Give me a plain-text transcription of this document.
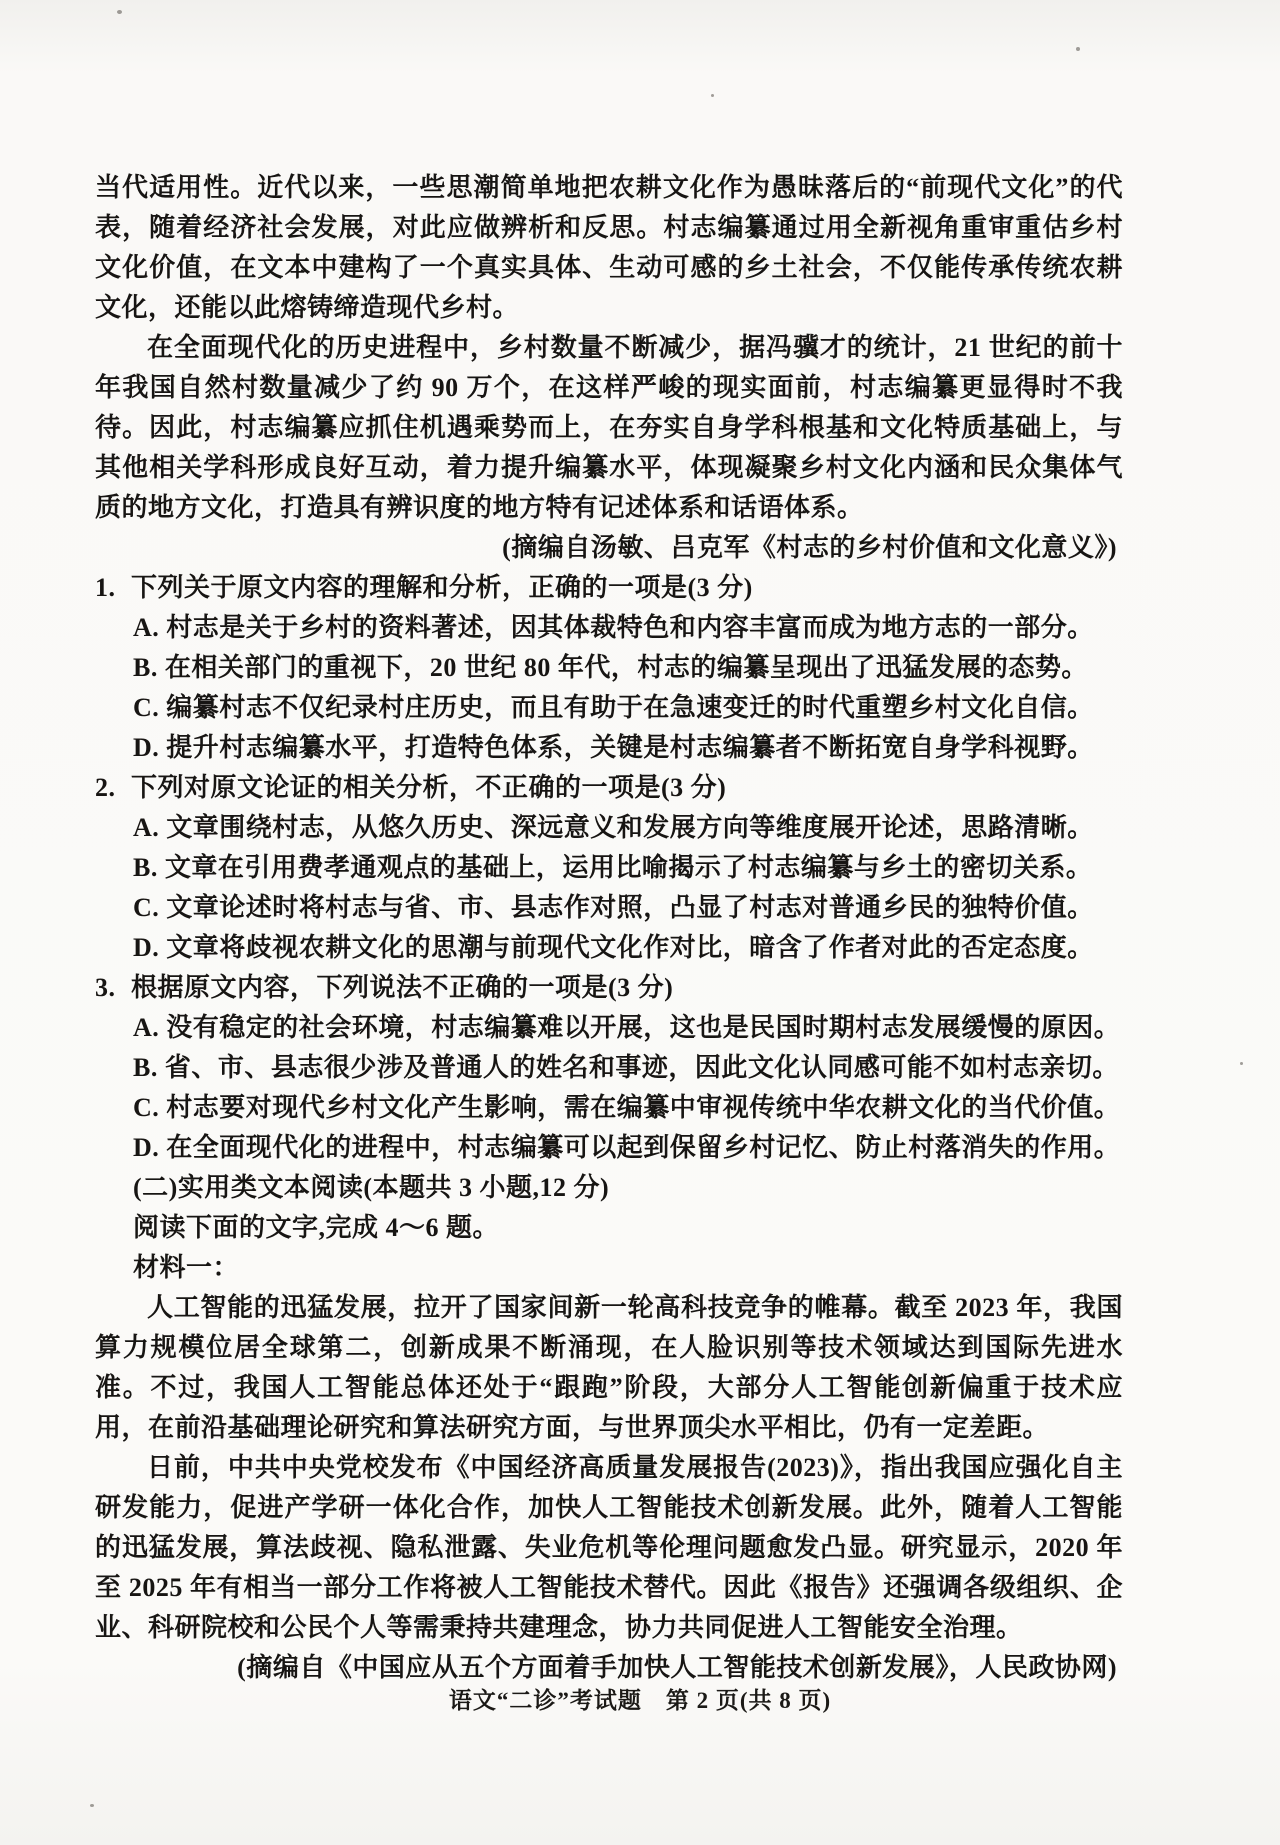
当代适用性。近代以来，一些思潮简单地把农耕文化作为愚昧落后的“前现代文化”的代表，随着经济社会发展，对此应做辨析和反思。村志编纂通过用全新视角重审重估乡村文化价值，在文本中建构了一个真实具体、生动可感的乡土社会，不仅能传承传统农耕文化，还能以此熔铸缔造现代乡村。
在全面现代化的历史进程中，乡村数量不断减少，据冯骥才的统计，21 世纪的前十年我国自然村数量减少了约 90 万个，在这样严峻的现实面前，村志编纂更显得时不我待。因此，村志编纂应抓住机遇乘势而上，在夯实自身学科根基和文化特质基础上，与其他相关学科形成良好互动，着力提升编纂水平，体现凝聚乡村文化内涵和民众集体气质的地方文化，打造具有辨识度的地方特有记述体系和话语体系。
(摘编自汤敏、吕克军《村志的乡村价值和文化意义》)
1. 下列关于原文内容的理解和分析，正确的一项是(3 分)
A. 村志是关于乡村的资料著述，因其体裁特色和内容丰富而成为地方志的一部分。
B. 在相关部门的重视下，20 世纪 80 年代，村志的编纂呈现出了迅猛发展的态势。
C. 编纂村志不仅纪录村庄历史，而且有助于在急速变迁的时代重塑乡村文化自信。
D. 提升村志编纂水平，打造特色体系，关键是村志编纂者不断拓宽自身学科视野。
2. 下列对原文论证的相关分析，不正确的一项是(3 分)
A. 文章围绕村志，从悠久历史、深远意义和发展方向等维度展开论述，思路清晰。
B. 文章在引用费孝通观点的基础上，运用比喻揭示了村志编纂与乡土的密切关系。
C. 文章论述时将村志与省、市、县志作对照，凸显了村志对普通乡民的独特价值。
D. 文章将歧视农耕文化的思潮与前现代文化作对比，暗含了作者对此的否定态度。
3. 根据原文内容，下列说法不正确的一项是(3 分)
A. 没有稳定的社会环境，村志编纂难以开展，这也是民国时期村志发展缓慢的原因。
B. 省、市、县志很少涉及普通人的姓名和事迹，因此文化认同感可能不如村志亲切。
C. 村志要对现代乡村文化产生影响，需在编纂中审视传统中华农耕文化的当代价值。
D. 在全面现代化的进程中，村志编纂可以起到保留乡村记忆、防止村落消失的作用。
(二)实用类文本阅读(本题共 3 小题,12 分)
阅读下面的文字,完成 4～6 题。
材料一：
人工智能的迅猛发展，拉开了国家间新一轮高科技竞争的帷幕。截至 2023 年，我国算力规模位居全球第二，创新成果不断涌现，在人脸识别等技术领域达到国际先进水准。不过，我国人工智能总体还处于“跟跑”阶段，大部分人工智能创新偏重于技术应用，在前沿基础理论研究和算法研究方面，与世界顶尖水平相比，仍有一定差距。
日前，中共中央党校发布《中国经济高质量发展报告(2023)》，指出我国应强化自主研发能力，促进产学研一体化合作，加快人工智能技术创新发展。此外，随着人工智能的迅猛发展，算法歧视、隐私泄露、失业危机等伦理问题愈发凸显。研究显示，2020 年至 2025 年有相当一部分工作将被人工智能技术替代。因此《报告》还强调各级组织、企业、科研院校和公民个人等需秉持共建理念，协力共同促进人工智能安全治理。
(摘编自《中国应从五个方面着手加快人工智能技术创新发展》，人民政协网)
语文“二诊”考试题　第 2 页(共 8 页)
